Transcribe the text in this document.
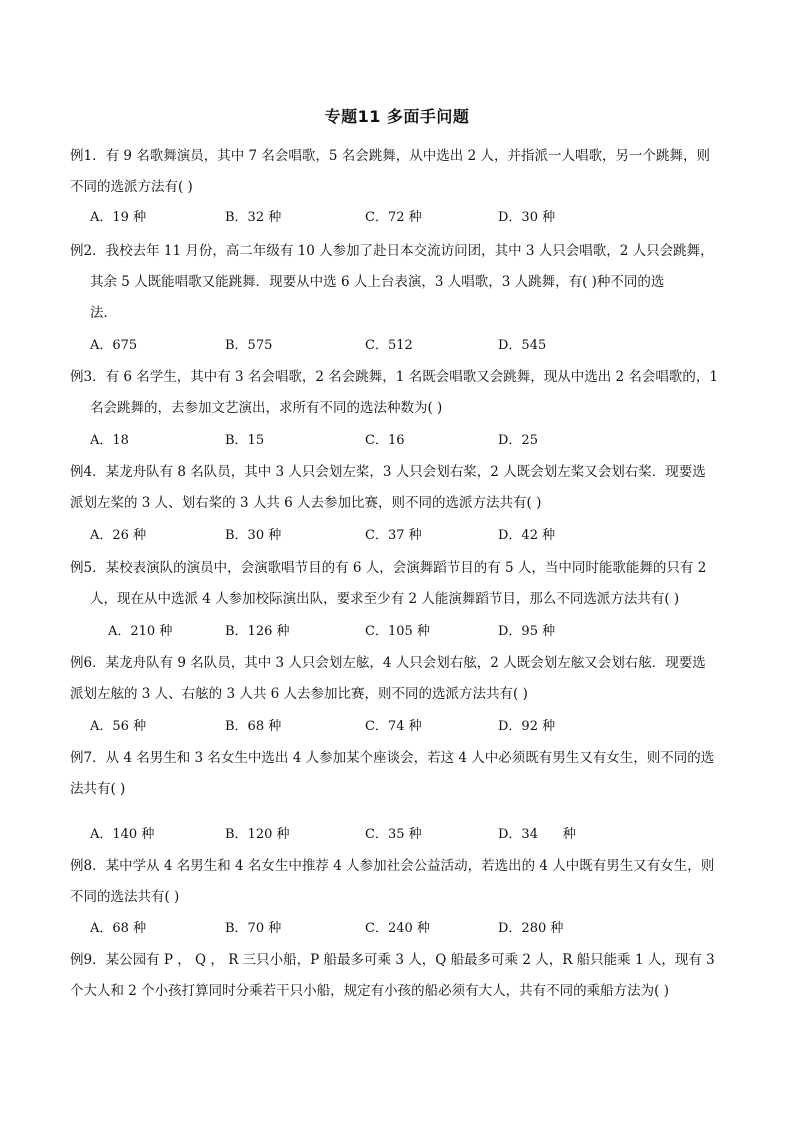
专题11 多面手问题
例1．有 9 名歌舞演员，其中 7 名会唱歌，5 名会跳舞，从中选出 2 人，并指派一人唱歌，另一个跳舞，则
不同的选派方法有( )
A．19 种	B．32 种	C．72 种	D．30 种
例2．我校去年 11 月份，高二年级有 10 人参加了赴日本交流访问团，其中 3 人只会唱歌，2 人只会跳舞，
其余 5 人既能唱歌又能跳舞．现要从中选 6 人上台表演，3 人唱歌，3 人跳舞，有( )种不同的选
法．
A．675	B．575	C．512	D．545
例3．有 6 名学生，其中有 3 名会唱歌，2 名会跳舞，1 名既会唱歌又会跳舞，现从中选出 2 名会唱歌的，1
名会跳舞的，去参加文艺演出，求所有不同的选法种数为( )
A．18	B．15	C．16	D．25
例4．某龙舟队有 8 名队员，其中 3 人只会划左桨，3 人只会划右桨，2 人既会划左桨又会划右桨．现要选
派划左桨的 3 人、划右桨的 3 人共 6 人去参加比赛，则不同的选派方法共有( )
A．26 种	B．30 种	C．37 种	D．42 种
例5．某校表演队的演员中，会演歌唱节目的有 6 人，会演舞蹈节目的有 5 人，当中同时能歌能舞的只有 2
人，现在从中选派 4 人参加校际演出队，要求至少有 2 人能演舞蹈节目，那么不同选派方法共有( )
A．210 种	B．126 种	C．105 种	D．95 种
例6．某龙舟队有 9 名队员，其中 3 人只会划左舷，4 人只会划右舷，2 人既会划左舷又会划右舷．现要选
派划左舷的 3 人、右舷的 3 人共 6 人去参加比赛，则不同的选派方法共有( )
A．56 种	B．68 种	C．74 种	D．92 种
例7．从 4 名男生和 3 名女生中选出 4 人参加某个座谈会，若这 4 人中必须既有男生又有女生，则不同的选
法共有( )
A．140 种	B．120 种	C．35 种	D．34      种
例8．某中学从 4 名男生和 4 名女生中推荐 4 人参加社会公益活动，若选出的 4 人中既有男生又有女生，则
不同的选法共有( )
A．68 种	B．70 种	C．240 种	D．280 种
例9．某公园有 P ， Q ， R 三只小船，P 船最多可乘 3 人，Q 船最多可乘 2 人，R 船只能乘 1 人，现有 3
个大人和 2 个小孩打算同时分乘若干只小船，规定有小孩的船必须有大人，共有不同的乘船方法为( )
